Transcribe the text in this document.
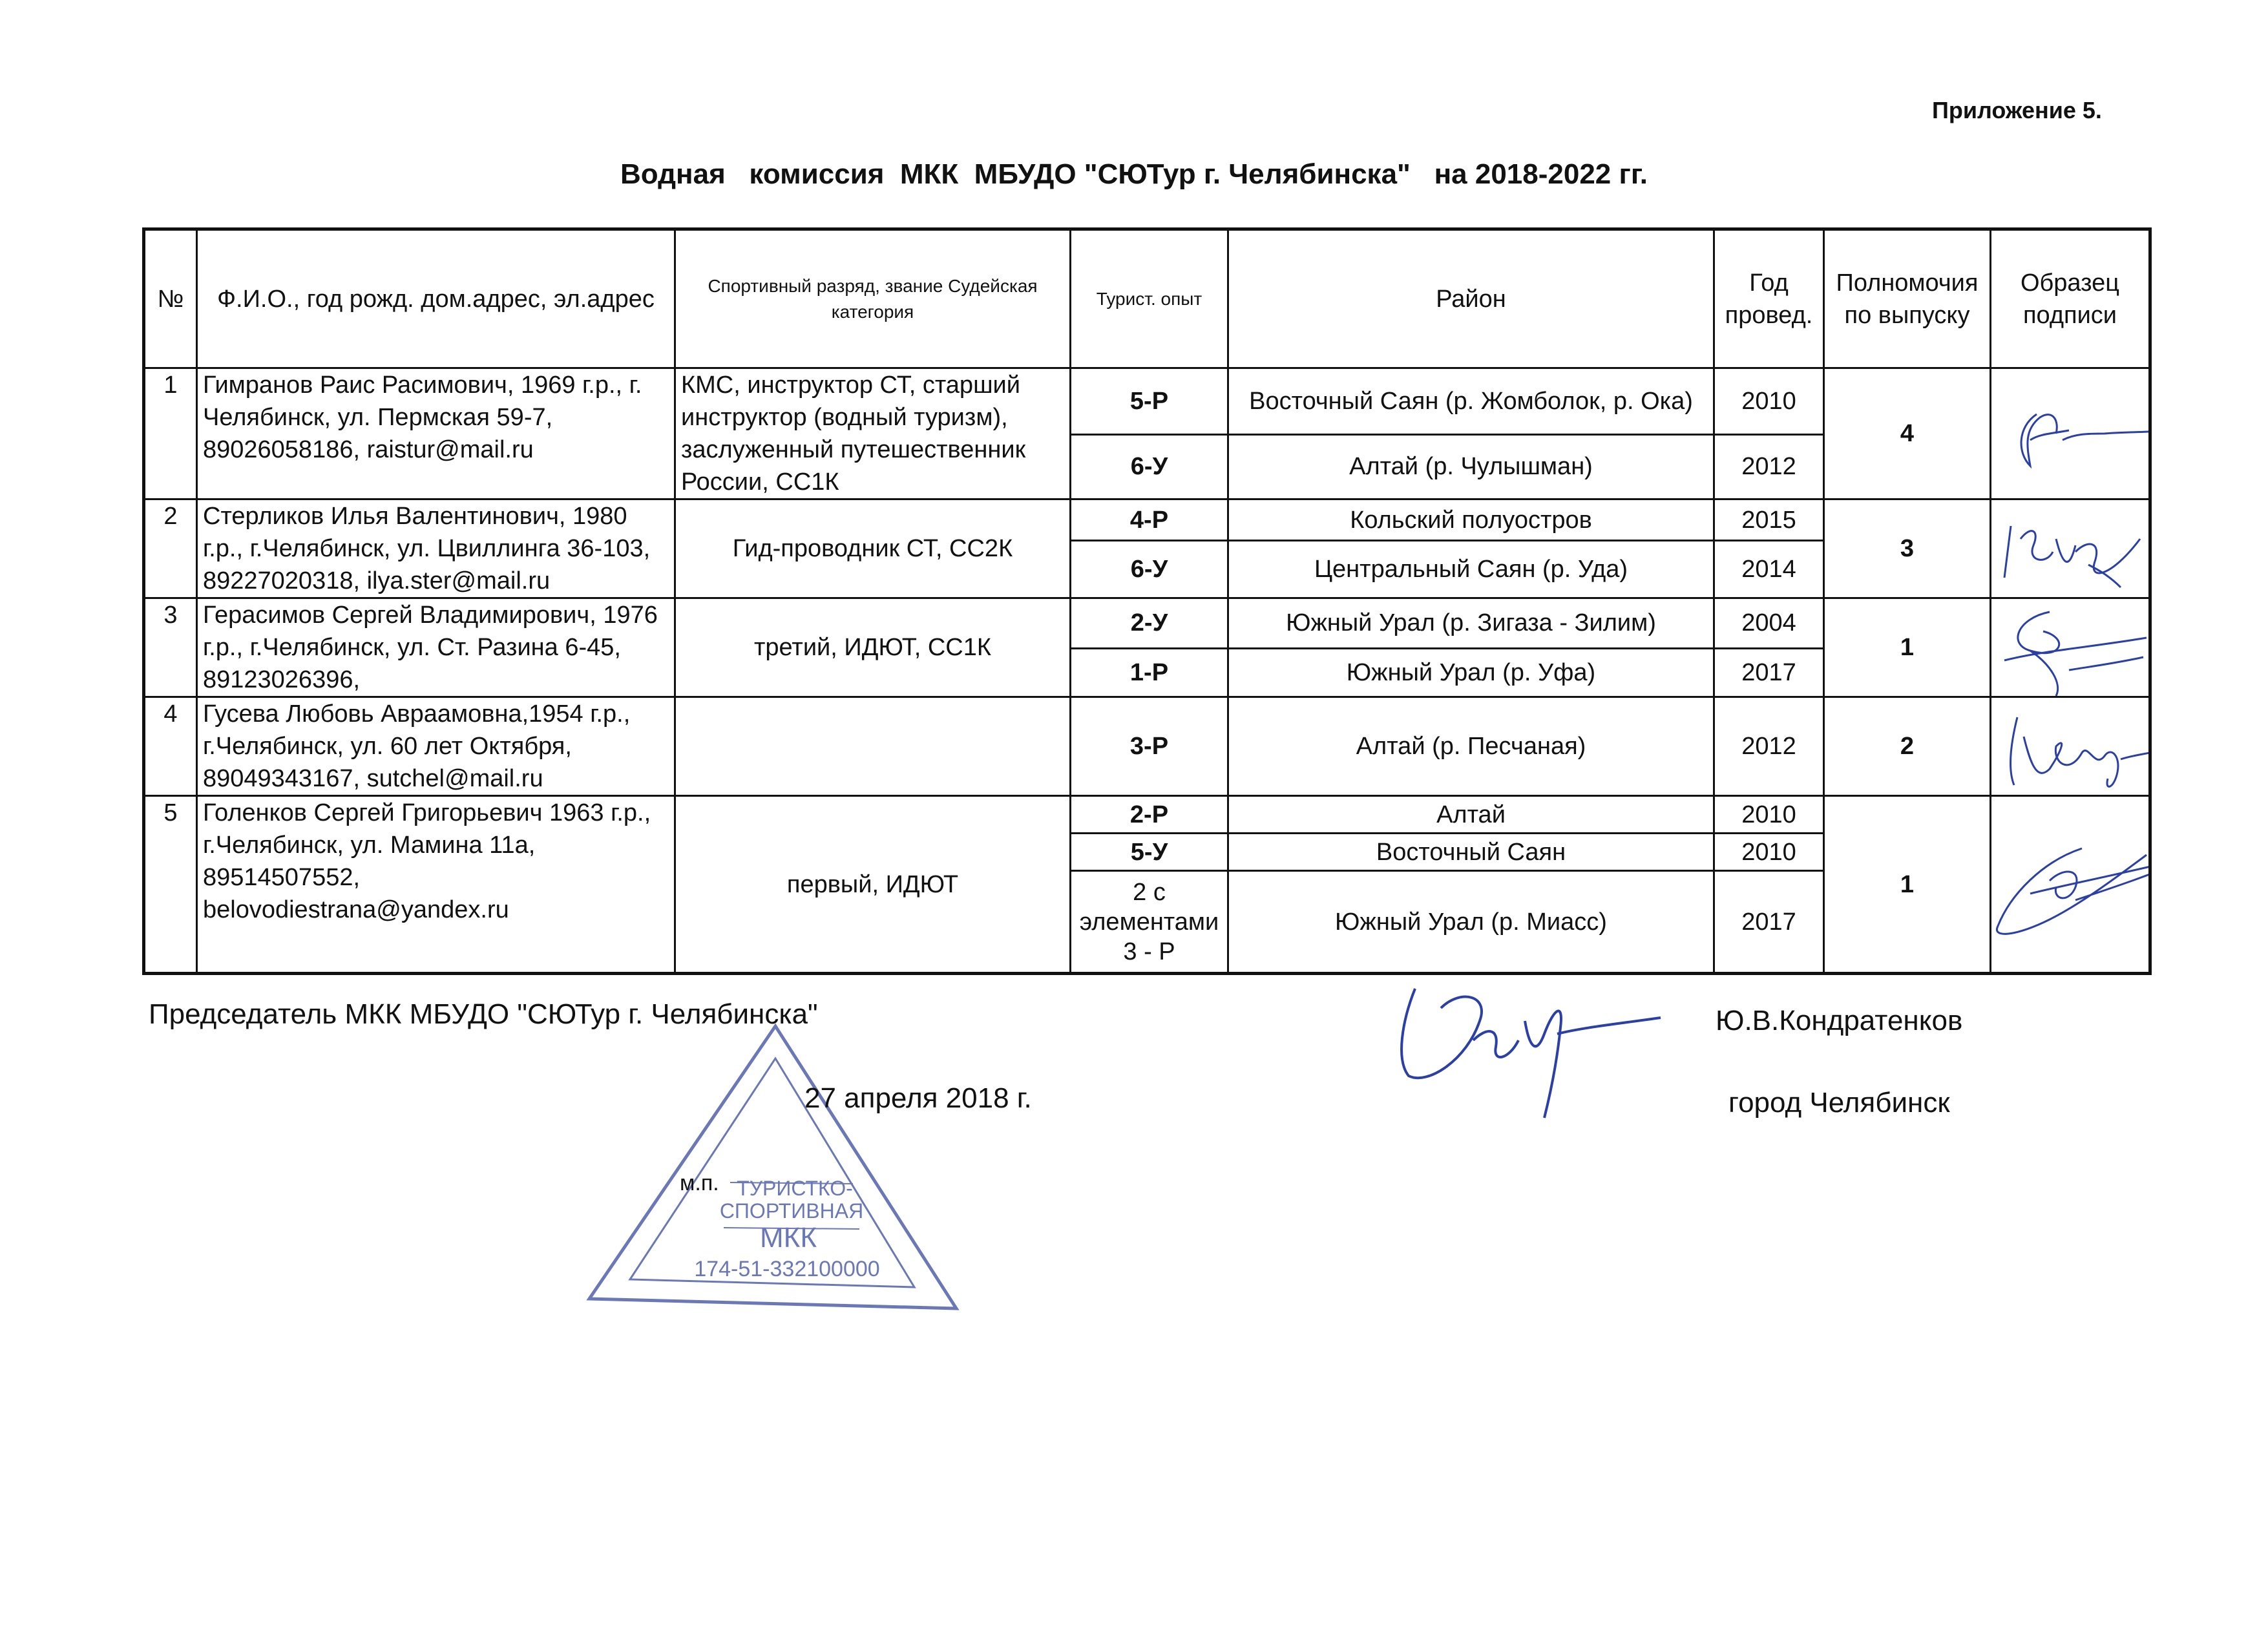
Приложение 5.
Водная   комиссия  МКК  МБУДО "СЮТур г. Челябинска"   на 2018-2022 гг.
№	Ф.И.О., год рожд. дом.адрес, эл.адрес	Спортивный разряд, звание Судейская категория	Турист. опыт	Район	Год провед.	Полномочия по выпуску	Образец подписи
1	Гимранов Раис Расимович, 1969 г.р., г. Челябинск, ул. Пермская 59-7, 89026058186, raistur@mail.ru	КМС, инструктор СТ, старший инструктор (водный туризм), заслуженный путешественник России, СС1К	5-Р	Восточный Саян (р. Жомболок, р. Ока)	2010	4	

			6-У	Алтай (р. Чулышман)	2012		
2	Стерликов Илья Валентинович, 1980 г.р., г.Челябинск, ул. Цвиллинга 36-103, 89227020318, ilya.ster@mail.ru	Гид-проводник СТ, СС2К	4-Р	Кольский полуостров	2015	3	

			6-У	Центральный Саян (р. Уда)	2014		
3	Герасимов Сергей Владимирович, 1976 г.р., г.Челябинск, ул. Ст. Разина 6-45, 89123026396,	третий, ИДЮТ, СС1К	2-У	Южный Урал (р. Зигаза - Зилим)	2004	1	

			1-Р	Южный Урал (р. Уфа)	2017		
4	Гусева Любовь Авраамовна,1954 г.р., г.Челябинск, ул. 60 лет Октября, 89049343167, sutchel@mail.ru		3-Р	Алтай (р. Песчаная)	2012	2	

5	Голенков Сергей Григорьевич 1963 г.р., г.Челябинск, ул. Мамина 11а, 89514507552, belovodiestrana@yandex.ru	первый, ИДЮТ	2-Р	Алтай	2010	1	

			5-У	Восточный Саян	2010		
			2 с элементами 3 - Р	Южный Урал (р. Миасс)	2017		
ТУРИСТКО-
СПОРТИВНАЯ
МКК
174-51-332100000
Председатель МКК МБУДО "СЮТур г. Челябинска"
27 апреля 2018 г.
Ю.В.Кондратенков
город Челябинск
м.п.
